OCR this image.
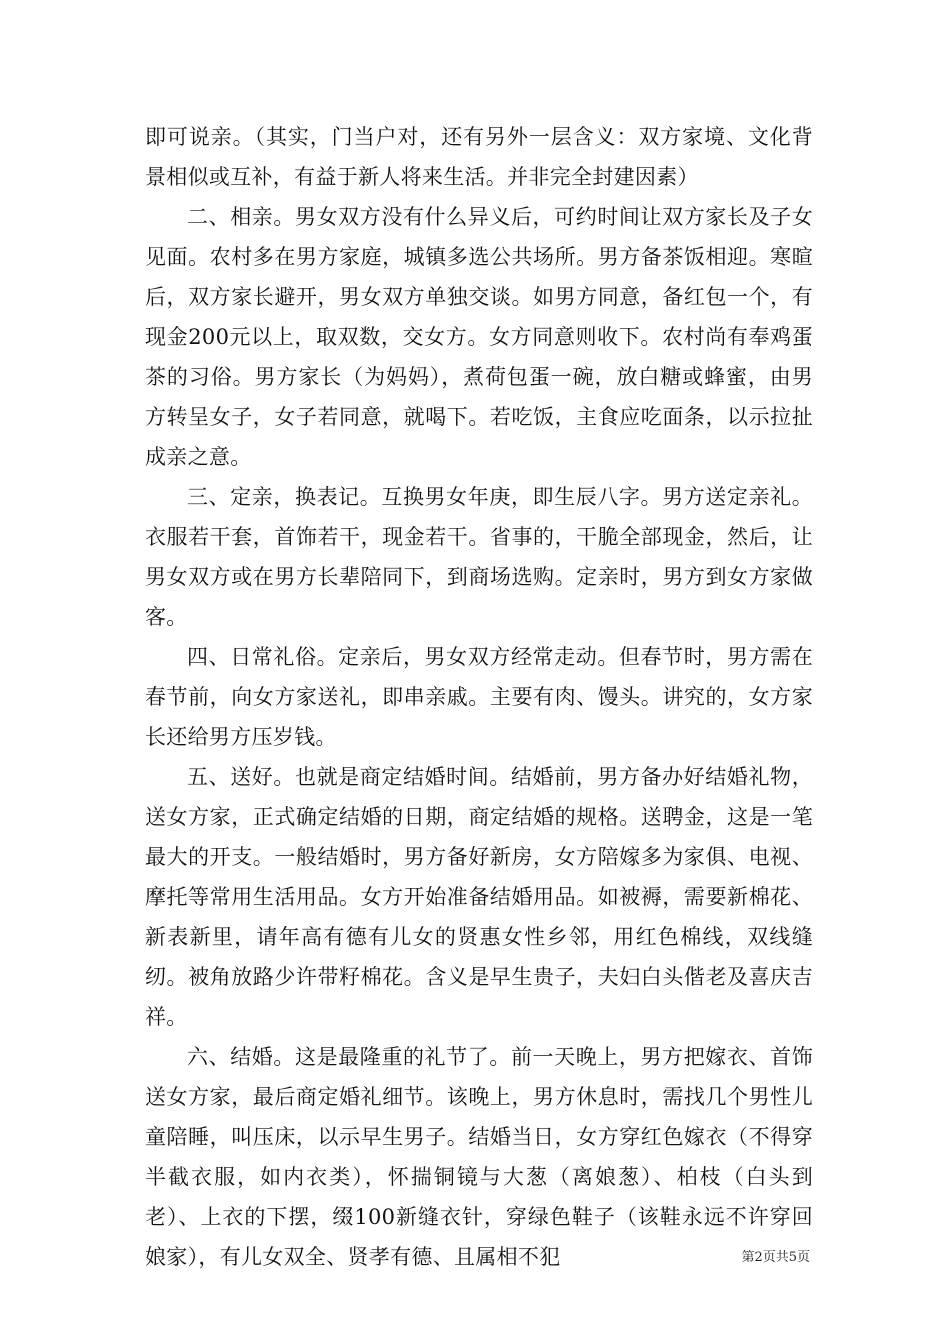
即可说亲。（其实，门当户对，还有另外一层含义：双方家境、文化背景相似或互补，有益于新人将来生活。并非完全封建因素）

二、相亲。男女双方没有什么异义后，可约时间让双方家长及子女见面。农村多在男方家庭，城镇多选公共场所。男方备茶饭相迎。寒暄后，双方家长避开，男女双方单独交谈。如男方同意，备红包一个，有现金200元以上，取双数，交女方。女方同意则收下。农村尚有奉鸡蛋茶的习俗。男方家长（为妈妈），煮荷包蛋一碗，放白糖或蜂蜜，由男方转呈女子，女子若同意，就喝下。若吃饭，主食应吃面条，以示拉扯成亲之意。

三、定亲，换表记。互换男女年庚，即生辰八字。男方送定亲礼。衣服若干套，首饰若干，现金若干。省事的，干脆全部现金，然后，让男女双方或在男方长辈陪同下，到商场选购。定亲时，男方到女方家做客。

四、日常礼俗。定亲后，男女双方经常走动。但春节时，男方需在春节前，向女方家送礼，即串亲戚。主要有肉、馒头。讲究的，女方家长还给男方压岁钱。

五、送好。也就是商定结婚时间。结婚前，男方备办好结婚礼物，送女方家，正式确定结婚的日期，商定结婚的规格。送聘金，这是一笔最大的开支。一般结婚时，男方备好新房，女方陪嫁多为家俱、电视、摩托等常用生活用品。女方开始准备结婚用品。如被褥，需要新棉花、新表新里，请年高有德有儿女的贤惠女性乡邻，用红色棉线，双线缝纫。被角放路少许带籽棉花。含义是早生贵子，夫妇白头偕老及喜庆吉祥。

六、结婚。这是最隆重的礼节了。前一天晚上，男方把嫁衣、首饰送女方家，最后商定婚礼细节。该晚上，男方休息时，需找几个男性儿童陪睡，叫压床，以示早生男子。结婚当日，女方穿红色嫁衣（不得穿半截衣服，如内衣类），怀揣铜镜与大葱（离娘葱）、柏枝（白头到老）、上衣的下摆，缀100新缝衣针，穿绿色鞋子（该鞋永远不许穿回娘家），有儿女双全、贤孝有德、且属相不犯	第2页共5页
